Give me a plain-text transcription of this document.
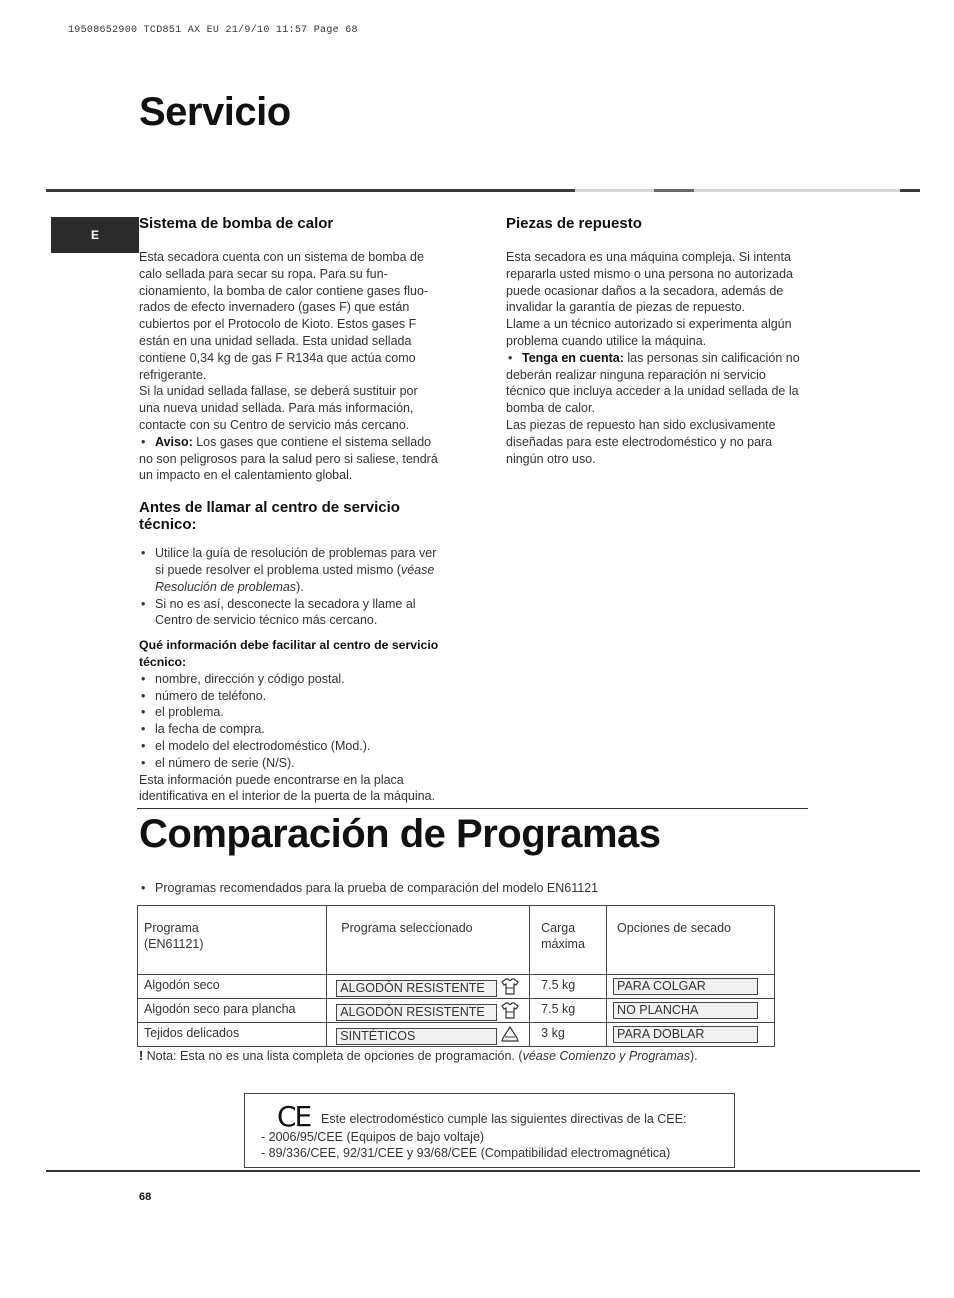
19508652900 TCD851 AX EU 21/9/10 11:57 Page 68
Servicio
E
Sistema de bomba de calor

Esta secadora cuenta con un sistema de bomba de
calo sellada para secar su ropa. Para su fun-
cionamiento, la bomba de calor contiene gases fluo-
rados de efecto invernadero (gases F) que están
cubiertos por el Protocolo de Kioto. Estos gases F
están en una unidad sellada. Esta unidad sellada
contiene 0,34 kg de gas F R134a que actúa como
refrigerante.

Si la unidad sellada fallase, se deberá sustituir por
una nueva unidad sellada. Para más información,
contacte con su Centro de servicio más cercano.

• Aviso: Los gases que contiene el sistema sellado
no son peligrosos para la salud pero si saliese, tendrá
un impacto en el calentamiento global.

Antes de llamar al centro de servicio
técnico:

• Utilice la guía de resolución de problemas para ver
si puede resolver el problema usted mismo (véase
Resolución de problemas).

• Si no es así, desconecte la secadora y llame al
Centro de servicio técnico más cercano.

Qué información debe facilitar al centro de servicio
técnico:

• nombre, dirección y código postal.

• número de teléfono.

• el problema.

• la fecha de compra.

• el modelo del electrodoméstico (Mod.).

• el número de serie (N/S).

Esta información puede encontrarse en la placa
identificativa en el interior de la puerta de la máquina.

Piezas de repuesto

Esta secadora es una máquina compleja. Si intenta
repararla usted mismo o una persona no autorizada
puede ocasionar daños a la secadora, además de
invalidar la garantía de piezas de repuesto.
Llame a un técnico autorizado si experimenta algún
problema cuando utilice la máquina.

• Tenga en cuenta: las personas sin calificación no
deberán realizar ninguna reparación ni servicio
técnico que incluya acceder a la unidad sellada de la
bomba de calor.

Las piezas de repuesto han sido exclusivamente
diseñadas para este electrodoméstico y no para
ningún otro uso.

Comparación de Programas
• Programas recomendados para la prueba de comparación del modelo EN61121
Programa
(EN61121)	Programa seleccionado	Carga
máxima	Opciones de secado
Algodón seco	ALGODÓN RESISTENTE	7.5 kg	PARA COLGAR
Algodón seco para plancha	ALGODÓN RESISTENTE	7.5 kg	NO PLANCHA
Tejidos delicados	SINTÉTICOS	3 kg	PARA DOBLAR
! Nota: Esta no es una lista completa de opciones de programación. (véase Comienzo y Programas).
CE Este electrodoméstico cumple las siguientes directivas de la CEE:
- 2006/95/CEE (Equipos de bajo voltaje)
- 89/336/CEE, 92/31/CEE y 93/68/CEE (Compatibilidad electromagnética)
68
